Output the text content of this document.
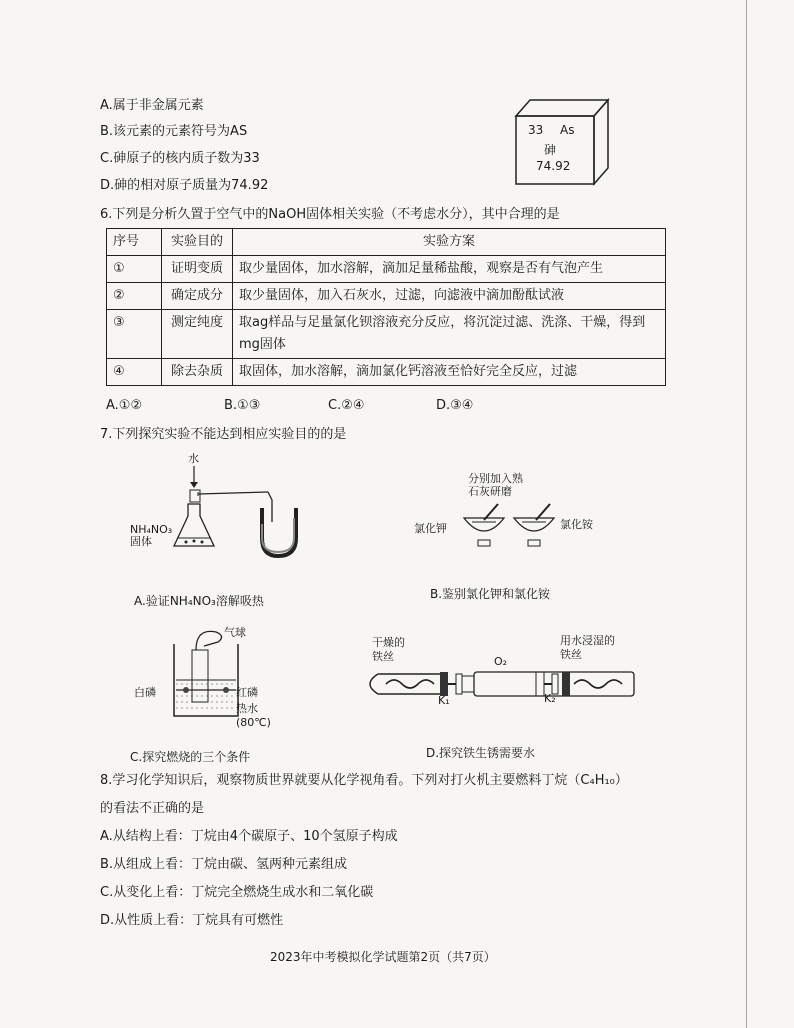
A.属于非金属元素
B.该元素的元素符号为AS
C.砷原子的核内质子数为33
D.砷的相对原子质量为74.92
33 As
砷
74.92
6.下列是分析久置于空气中的NaOH固体相关实验（不考虑水分），其中合理的是
序号	实验目的	实验方案
①	证明变质	取少量固体，加水溶解，滴加足量稀盐酸，观察是否有气泡产生
②	确定成分	取少量固体，加入石灰水，过滤，向滤液中滴加酚酞试液
③	测定纯度	取ag样品与足量氯化钡溶液充分反应，将沉淀过滤、洗涤、干燥，得到mg固体
④	除去杂质	取固体，加水溶解，滴加氯化钙溶液至恰好完全反应，过滤
A.①②	B.①③	C.②④	D.③④
7.下列探究实验不能达到相应实验目的的是
水
NH₄NO₃
固体
A.验证NH₄NO₃溶解吸热
分别加入熟
石灰研磨
氯化钾	氯化铵
B.鉴别氯化钾和氯化铵
气球
白磷	红磷
热水
(80℃)
C.探究燃烧的三个条件
干燥的
铁丝
用水浸湿的
铁丝
O₂
K₁	K₂
D.探究铁生锈需要水
8.学习化学知识后，观察物质世界就要从化学视角看。下列对打火机主要燃料丁烷（C₄H₁₀）
的看法不正确的是
A.从结构上看：丁烷由4个碳原子、10个氢原子构成
B.从组成上看：丁烷由碳、氢两种元素组成
C.从变化上看：丁烷完全燃烧生成水和二氧化碳
D.从性质上看：丁烷具有可燃性
2023年中考模拟化学试题第2页（共7页）
